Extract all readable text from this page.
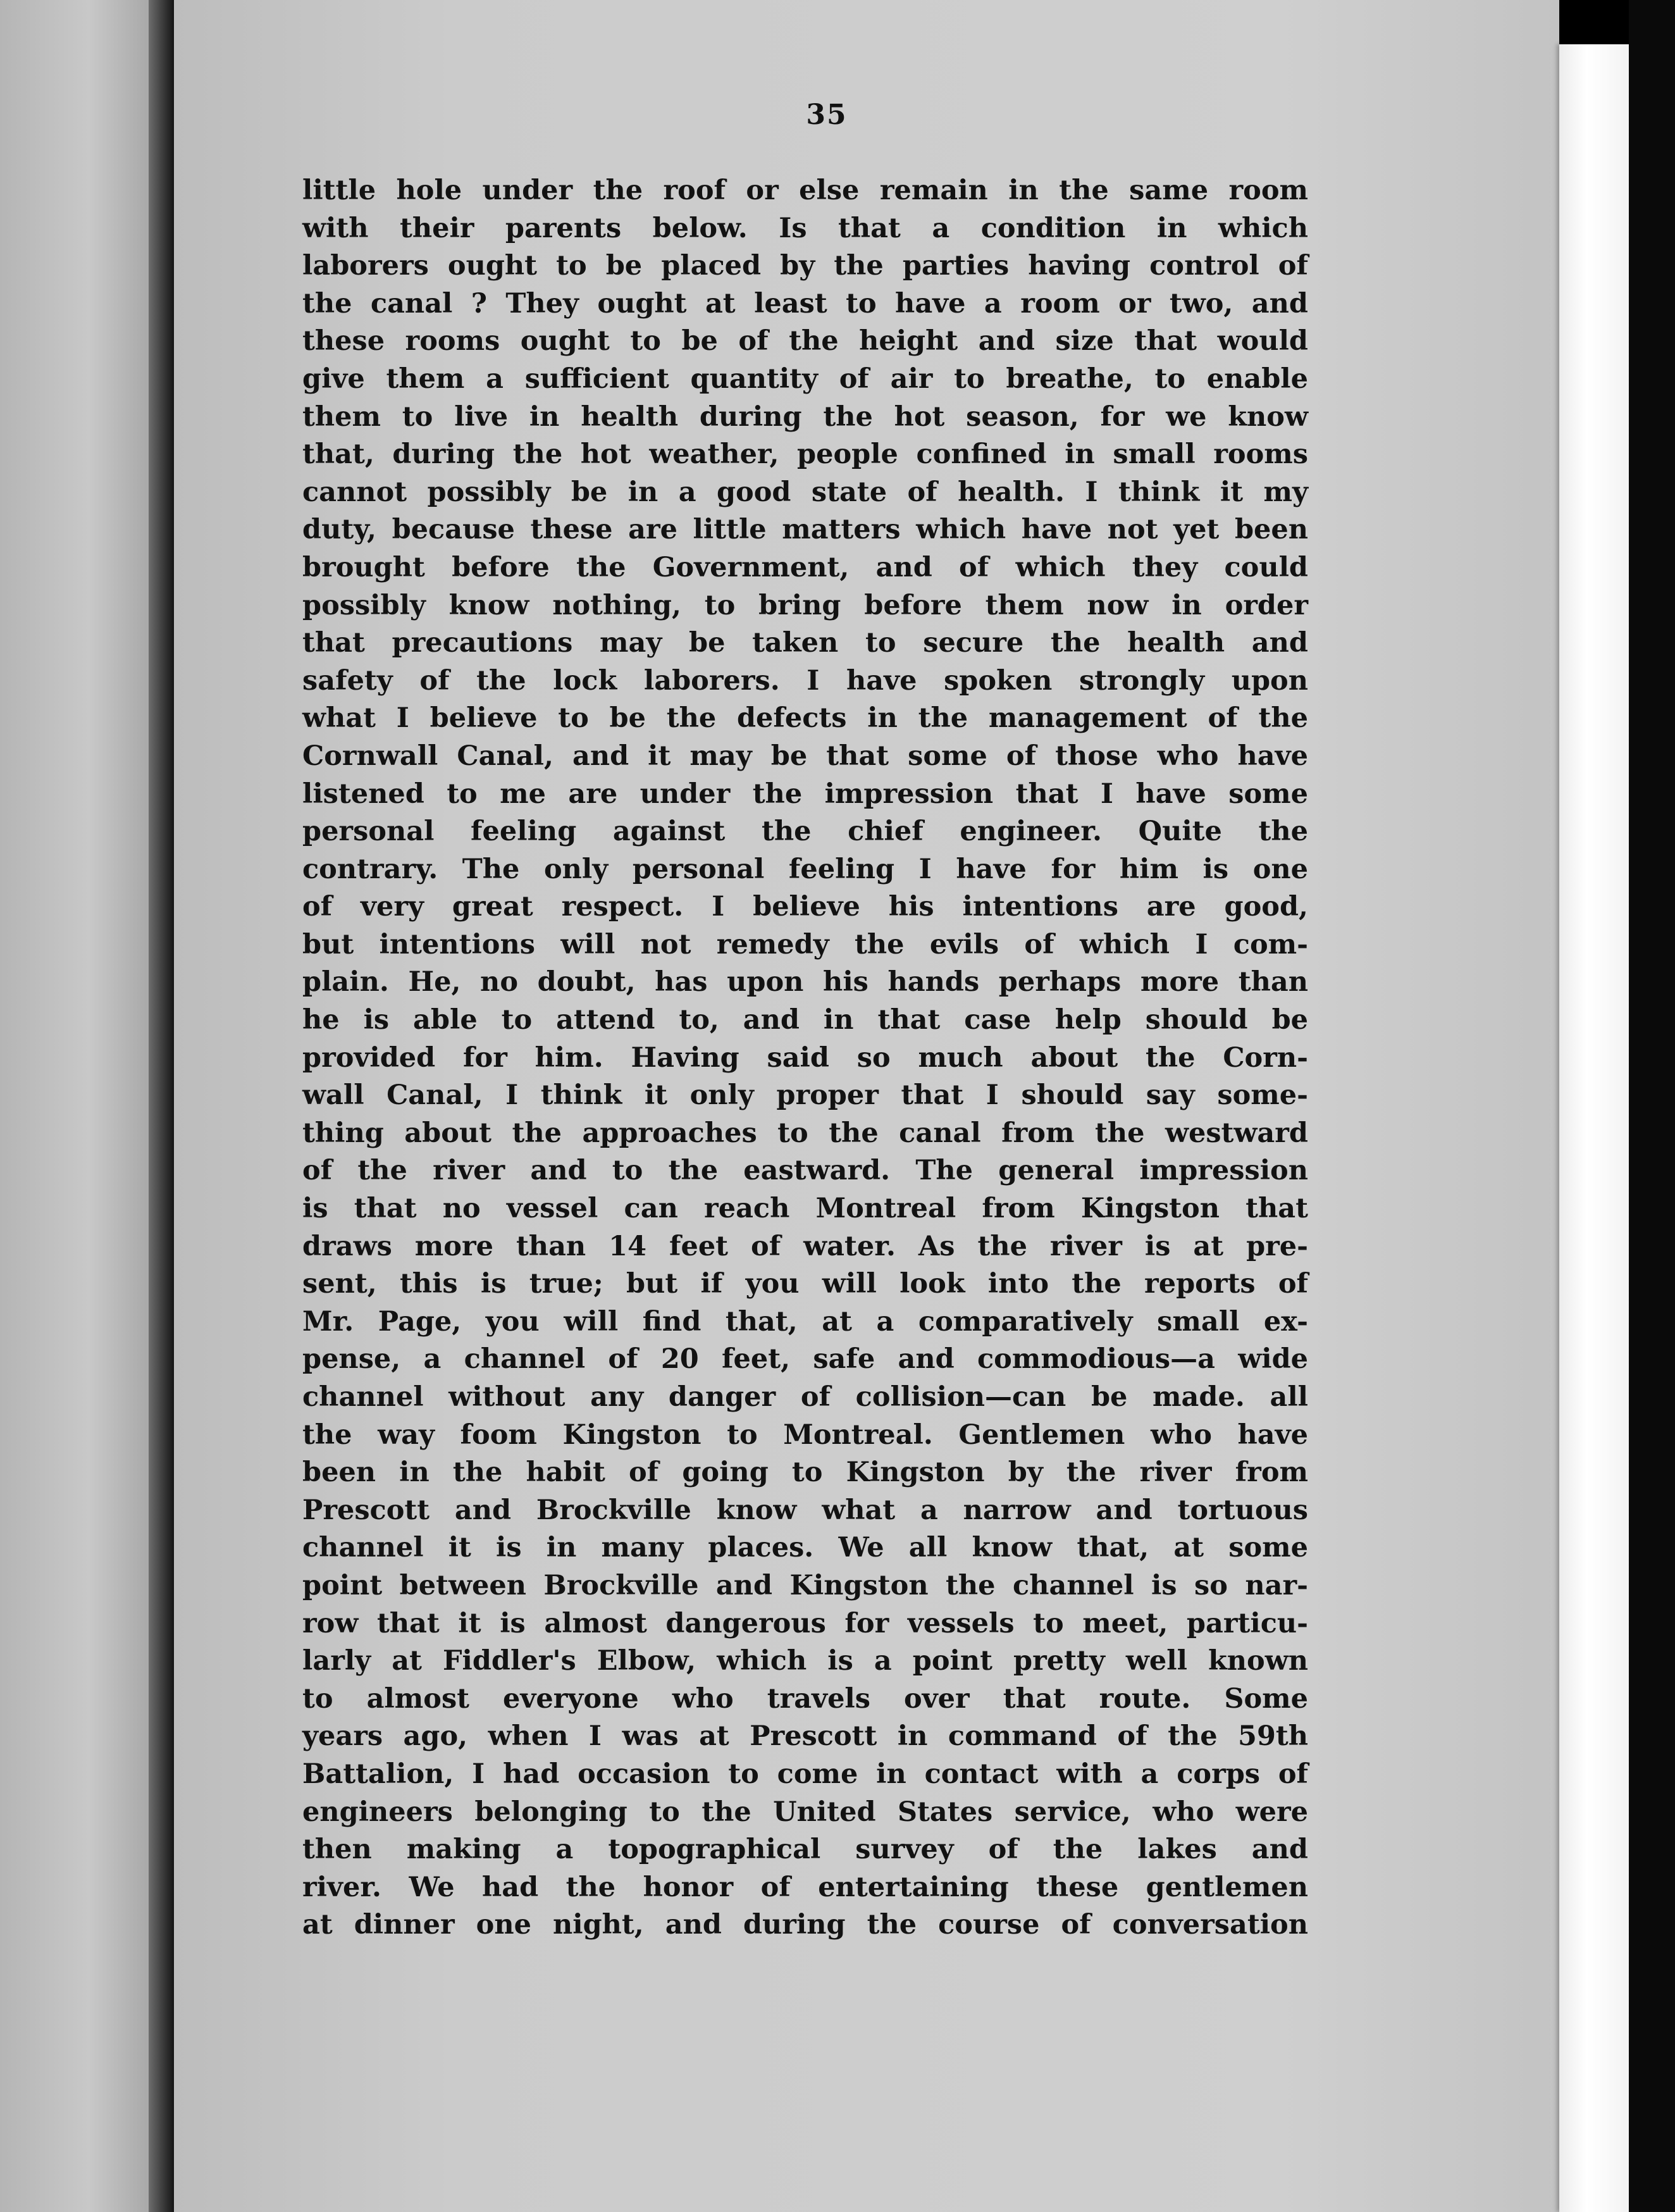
35
little hole under the roof or else remain in the same room
with their parents below. Is that a condition in which
laborers ought to be placed by the parties having control of
the canal ? They ought at least to have a room or two, and
these rooms ought to be of the height and size that would
give them a sufficient quantity of air to breathe, to enable
them to live in health during the hot season, for we know
that, during the hot weather, people confined in small rooms
cannot possibly be in a good state of health. I think it my
duty, because these are little matters which have not yet been
brought before the Government, and of which they could
possibly know nothing, to bring before them now in order
that precautions may be taken to secure the health and
safety of the lock laborers. I have spoken strongly upon
what I believe to be the defects in the management of the
Cornwall Canal, and it may be that some of those who have
listened to me are under the impression that I have some
personal feeling against the chief engineer. Quite the
contrary. The only personal feeling I have for him is one
of very great respect. I believe his intentions are good,
but intentions will not remedy the evils of which I com-
plain. He, no doubt, has upon his hands perhaps more than
he is able to attend to, and in that case help should be
provided for him. Having said so much about the Corn-
wall Canal, I think it only proper that I should say some-
thing about the approaches to the canal from the westward
of the river and to the eastward. The general impression
is that no vessel can reach Montreal from Kingston that
draws more than 14 feet of water. As the river is at pre-
sent, this is true; but if you will look into the reports of
Mr. Page, you will find that, at a comparatively small ex-
pense, a channel of 20 feet, safe and commodious—a wide
channel without any danger of collision—can be made. all
the way foom Kingston to Montreal. Gentlemen who have
been in the habit of going to Kingston by the river from
Prescott and Brockville know what a narrow and tortuous
channel it is in many places. We all know that, at some
point between Brockville and Kingston the channel is so nar-
row that it is almost dangerous for vessels to meet, particu-
larly at Fiddler's Elbow, which is a point pretty well known
to almost everyone who travels over that route. Some
years ago, when I was at Prescott in command of the 59th
Battalion, I had occasion to come in contact with a corps of
engineers belonging to the United States service, who were
then making a topographical survey of the lakes and
river. We had the honor of entertaining these gentlemen
at dinner one night, and during the course of conversation
